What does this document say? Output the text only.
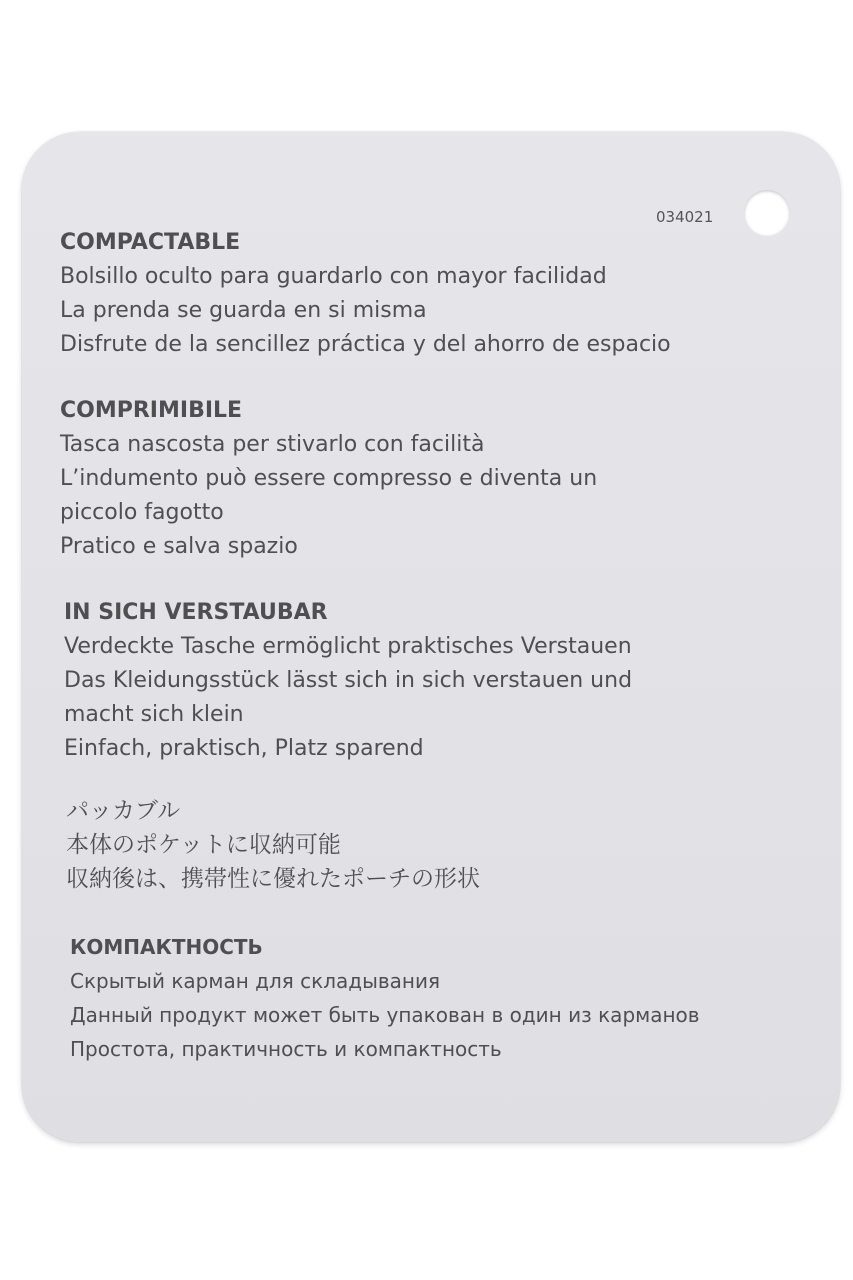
034021
COMPACTABLE
Bolsillo oculto para guardarlo con mayor facilidad
La prenda se guarda en si misma
Disfrute de la sencillez práctica y del ahorro de espacio
COMPRIMIBILE
Tasca nascosta per stivarlo con facilità
L’indumento può essere compresso e diventa un
piccolo fagotto
Pratico e salva spazio
IN SICH VERSTAUBAR
Verdeckte Tasche ermöglicht praktisches Verstauen
Das Kleidungsstück lässt sich in sich verstauen und
macht sich klein
Einfach, praktisch, Platz sparend
パッカブル
本体のポケットに収納可能
収納後は、携帯性に優れたポーチの形状
КОМПАКТНОСТЬ
Скрытый карман для складывания
Данный продукт может быть упакован в один из карманов
Простота, практичность и компактность
